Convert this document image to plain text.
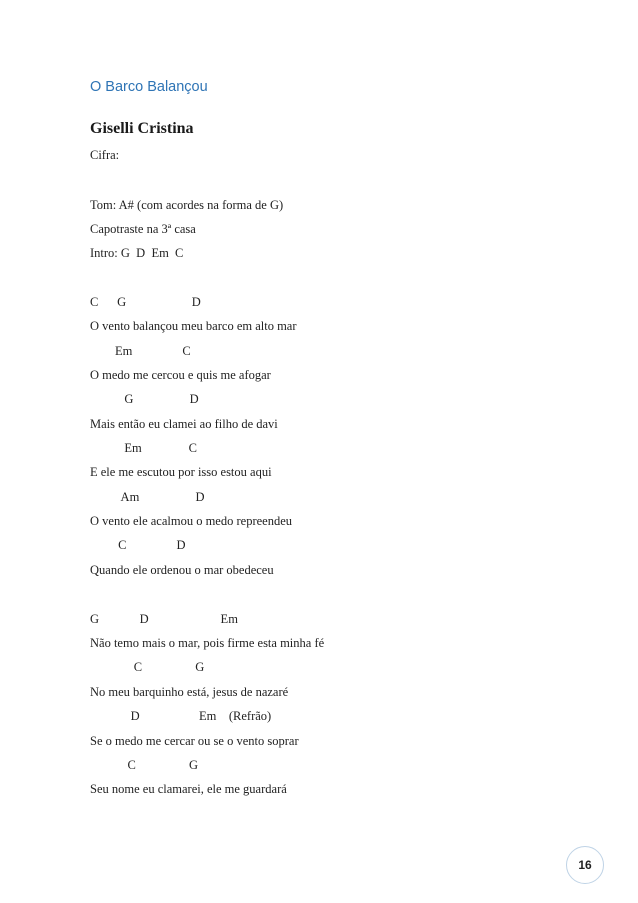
O Barco Balançou
Giselli Cristina
Cifra:
Tom: A# (com acordes na forma de G)
Capotraste na 3ª casa
Intro: G  D  Em  C
C      G                     D
O vento balançou meu barco em alto mar
Em                C
O medo me cercou e quis me afogar
G                  D
Mais então eu clamei ao filho de davi
Em               C
E ele me escutou por isso estou aqui
Am                  D
O vento ele acalmou o medo repreendeu
C                D
Quando ele ordenou o mar obedeceu
G             D                       Em
Não temo mais o mar, pois firme esta minha fé
C                 G
No meu barquinho está, jesus de nazaré
D                   Em    (Refrão)
Se o medo me cercar ou se o vento soprar
C                 G
Seu nome eu clamarei, ele me guardará
16
